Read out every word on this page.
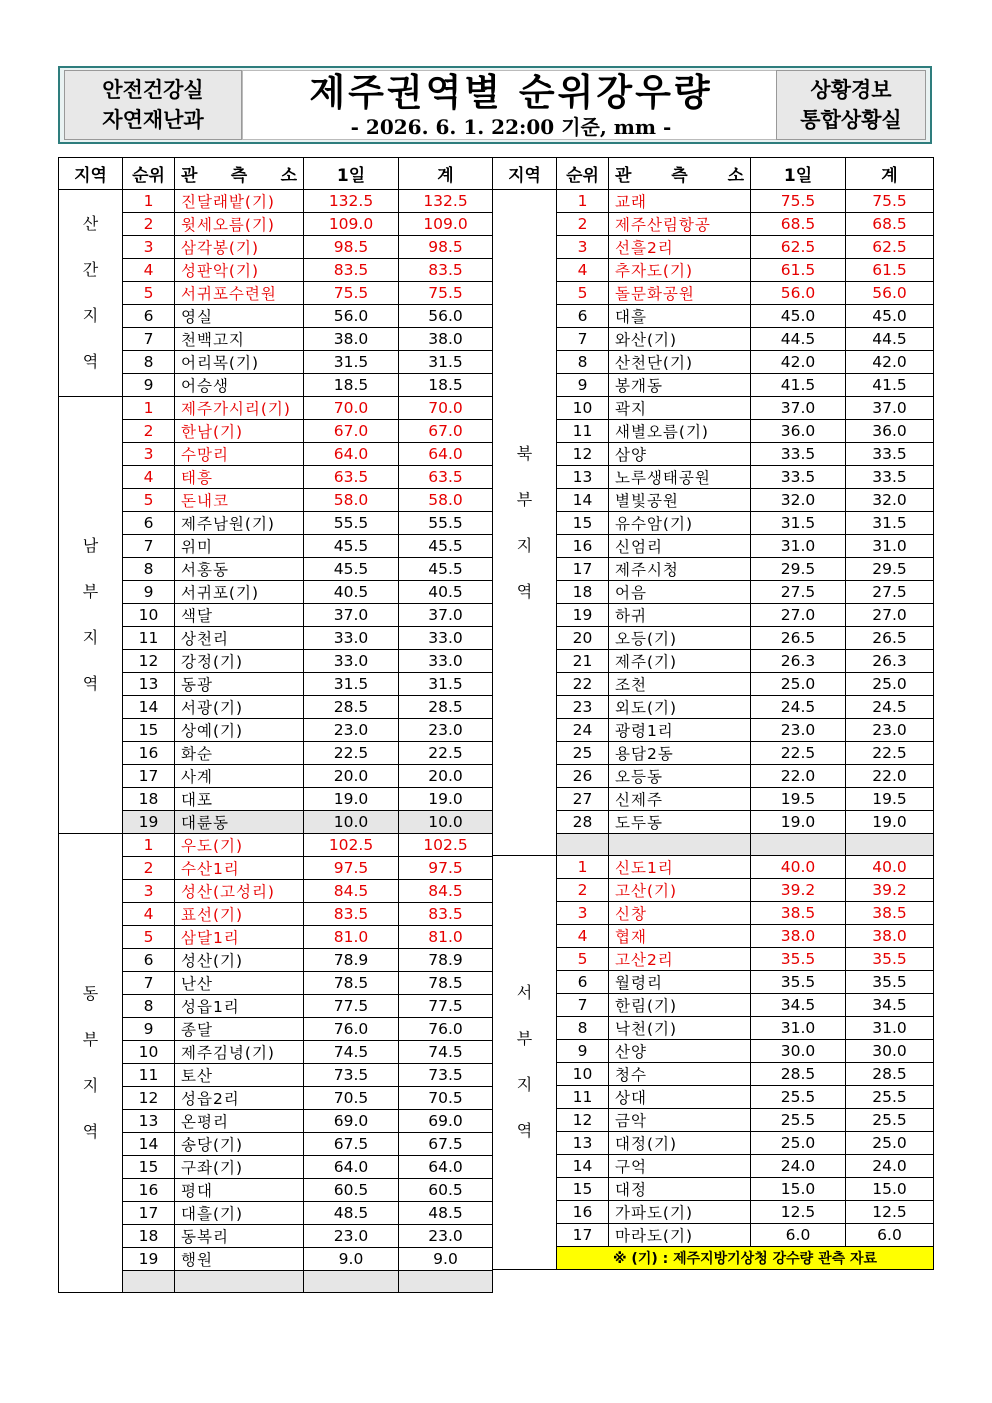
안전건강실
자연재난과
제주권역별 순위강우량
- 2026. 6. 1. 22:00 기준, mm -
상황경보
통합상황실
지역	순위	관 측 소	1일	계

산
간
지
역	1	진달래밭(기)	132.5	132.5
	2	윗세오름(기)	109.0	109.0
	3	삼각봉(기)	98.5	98.5
	4	성판악(기)	83.5	83.5
	5	서귀포수련원	75.5	75.5
	6	영실	56.0	56.0
	7	천백고지	38.0	38.0
	8	어리목(기)	31.5	31.5
	9	어승생	18.5	18.5

남
부
지
역	1	제주가시리(기)	70.0	70.0
	2	한남(기)	67.0	67.0
	3	수망리	64.0	64.0
	4	태흥	63.5	63.5
	5	돈내코	58.0	58.0
	6	제주남원(기)	55.5	55.5
	7	위미	45.5	45.5
	8	서홍동	45.5	45.5
	9	서귀포(기)	40.5	40.5
	10	색달	37.0	37.0
	11	상천리	33.0	33.0
	12	강정(기)	33.0	33.0
	13	동광	31.5	31.5
	14	서광(기)	28.5	28.5
	15	상예(기)	23.0	23.0
	16	화순	22.5	22.5
	17	사계	20.0	20.0
	18	대포	19.0	19.0
	19	대륜동	10.0	10.0

동
부
지
역	1	우도(기)	102.5	102.5
	2	수산1리	97.5	97.5
	3	성산(고성리)	84.5	84.5
	4	표선(기)	83.5	83.5
	5	삼달1리	81.0	81.0
	6	성산(기)	78.9	78.9
	7	난산	78.5	78.5
	8	성읍1리	77.5	77.5
	9	종달	76.0	76.0
	10	제주김녕(기)	74.5	74.5
	11	토산	73.5	73.5
	12	성읍2리	70.5	70.5
	13	온평리	69.0	69.0
	14	송당(기)	67.5	67.5
	15	구좌(기)	64.0	64.0
	16	평대	60.5	60.5
	17	대흘(기)	48.5	48.5
	18	동복리	23.0	23.0
	19	행원	9.0	9.0

지역	순위	관 측 소	1일	계

북
부
지
역	1	교래	75.5	75.5
	2	제주산림항공	68.5	68.5
	3	선흘2리	62.5	62.5
	4	추자도(기)	61.5	61.5
	5	돌문화공원	56.0	56.0
	6	대흘	45.0	45.0
	7	와산(기)	44.5	44.5
	8	산천단(기)	42.0	42.0
	9	봉개동	41.5	41.5
	10	곽지	37.0	37.0
	11	새별오름(기)	36.0	36.0
	12	삼양	33.5	33.5
	13	노루생태공원	33.5	33.5
	14	별빛공원	32.0	32.0
	15	유수암(기)	31.5	31.5
	16	신엄리	31.0	31.0
	17	제주시청	29.5	29.5
	18	어음	27.5	27.5
	19	하귀	27.0	27.0
	20	오등(기)	26.5	26.5
	21	제주(기)	26.3	26.3
	22	조천	25.0	25.0
	23	외도(기)	24.5	24.5
	24	광령1리	23.0	23.0
	25	용담2동	22.5	22.5
	26	오등동	22.0	22.0
	27	신제주	19.5	19.5
	28	도두동	19.0	19.0

서
부
지
역	1	신도1리	40.0	40.0
	2	고산(기)	39.2	39.2
	3	신창	38.5	38.5
	4	협재	38.0	38.0
	5	고산2리	35.5	35.5
	6	월령리	35.5	35.5
	7	한림(기)	34.5	34.5
	8	낙천(기)	31.0	31.0
	9	산양	30.0	30.0
	10	청수	28.5	28.5
	11	상대	25.5	25.5
	12	금악	25.5	25.5
	13	대정(기)	25.0	25.0
	14	구억	24.0	24.0
	15	대정	15.0	15.0
	16	가파도(기)	12.5	12.5
	17	마라도(기)	6.0	6.0
	※ (기) : 제주지방기상청 강수량 관측 자료			
